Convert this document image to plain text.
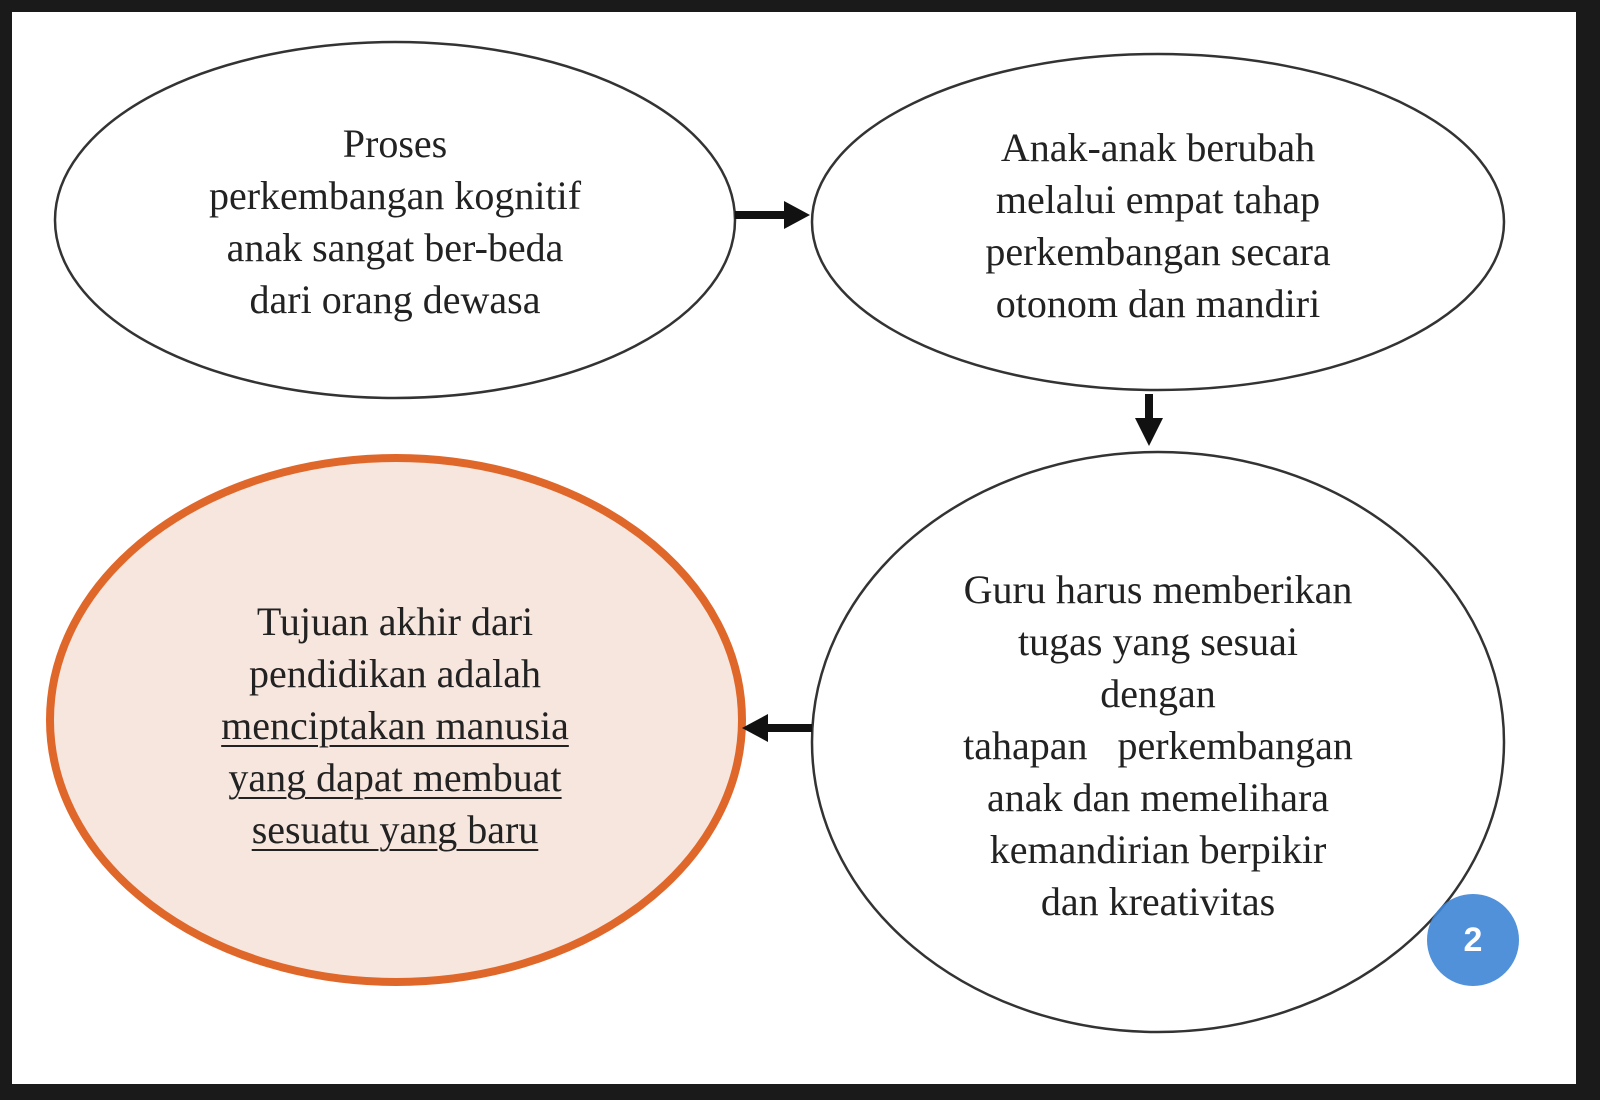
Proses
perkembangan kognitif
anak sangat ber-beda
dari orang dewasa
Anak-anak berubah
melalui empat tahap
perkembangan secara
otonom dan mandiri
Guru harus memberikan
tugas yang sesuai
dengan
tahapan   perkembangan
anak dan memelihara
kemandirian berpikir
dan kreativitas
Tujuan akhir dari
pendidikan adalah
menciptakan manusia
yang dapat membuat
sesuatu yang baru
2
